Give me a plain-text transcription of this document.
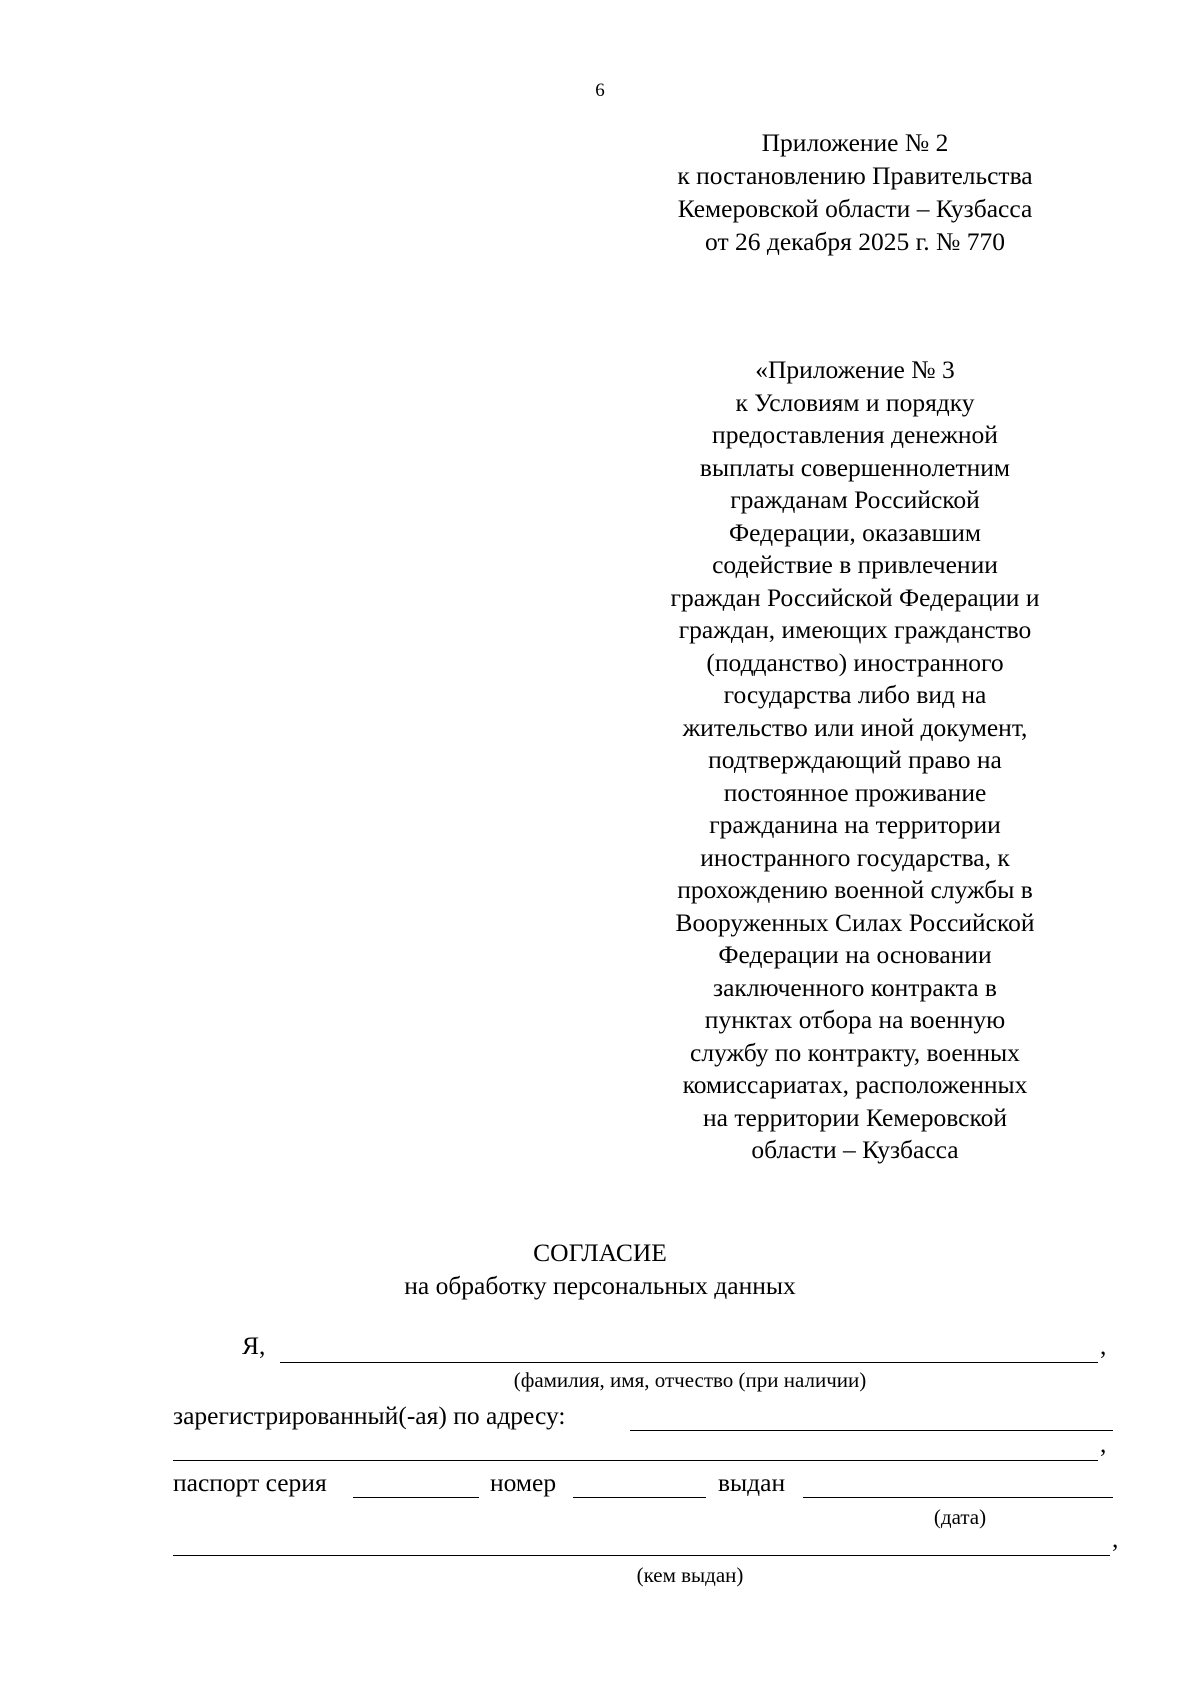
6
Приложение № 2
к постановлению Правительства
Кемеровской области – Кузбасса
от 26 декабря 2025 г. № 770
«Приложение № 3
к Условиям и порядку
предоставления денежной
выплаты совершеннолетним
гражданам Российской
Федерации, оказавшим
содействие в привлечении
граждан Российской Федерации и
граждан, имеющих гражданство
(подданство) иностранного
государства либо вид на
жительство или иной документ,
подтверждающий право на
постоянное проживание
гражданина на территории
иностранного государства, к
прохождению военной службы в
Вооруженных Силах Российской
Федерации на основании
заключенного контракта в
пунктах отбора на военную
службу по контракту, военных
комиссариатах, расположенных
на территории Кемеровской
области – Кузбасса
СОГЛАСИЕ
на обработку персональных данных
Я,	,
(фамилия, имя, отчество (при наличии)
зарегистрированный(-ая) по адресу:
,
паспорт серия	номер	выдан
(дата)
,
(кем выдан)
